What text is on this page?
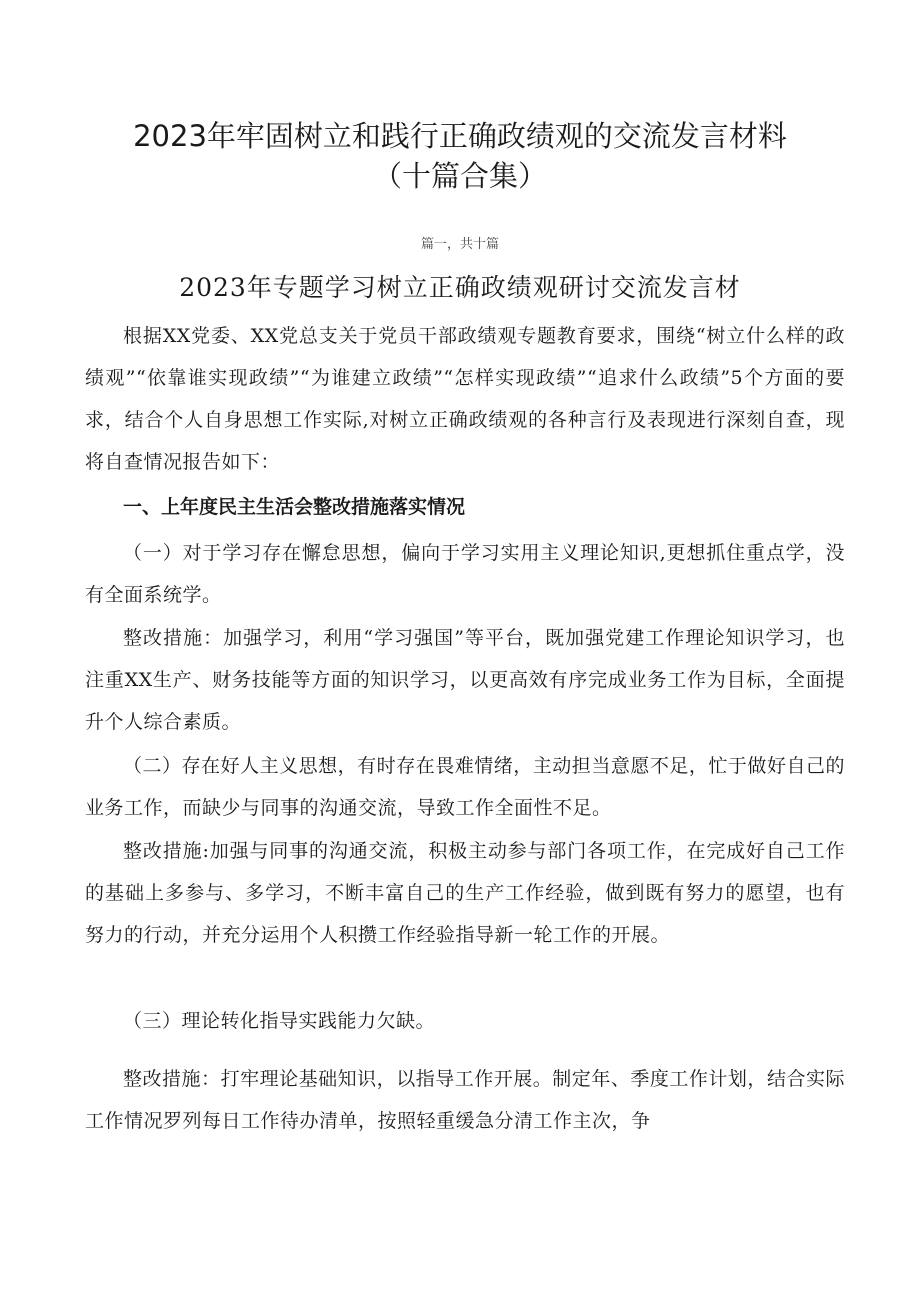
2023年牢固树立和践行正确政绩观的交流发言材料
（十篇合集）
篇一，共十篇
2023年专题学习树立正确政绩观研讨交流发言材

根据XX党委、XX党总支关于党员干部政绩观专题教育要求，围绕“树立什么样的政绩观”“依靠谁实现政绩”“为谁建立政绩”“怎样实现政绩”“追求什么政绩”5个方面的要求，结合个人自身思想工作实际,对树立正确政绩观的各种言行及表现进行深刻自查，现将自查情况报告如下：

一、上年度民主生活会整改措施落实情况

（一）对于学习存在懈怠思想，偏向于学习实用主义理论知识,更想抓住重点学，没有全面系统学。

整改措施：加强学习，利用“学习强国”等平台，既加强党建工作理论知识学习，也注重XX生产、财务技能等方面的知识学习，以更高效有序完成业务工作为目标，全面提升个人综合素质。

（二）存在好人主义思想，有时存在畏难情绪，主动担当意愿不足，忙于做好自己的业务工作，而缺少与同事的沟通交流，导致工作全面性不足。

整改措施:加强与同事的沟通交流，积极主动参与部门各项工作，在完成好自己工作的基础上多参与、多学习，不断丰富自己的生产工作经验，做到既有努力的愿望，也有努力的行动，并充分运用个人积攒工作经验指导新一轮工作的开展。

（三）理论转化指导实践能力欠缺。

整改措施：打牢理论基础知识，以指导工作开展。制定年、季度工作计划，结合实际工作情况罗列每日工作待办清单，按照轻重缓急分清工作主次，争
